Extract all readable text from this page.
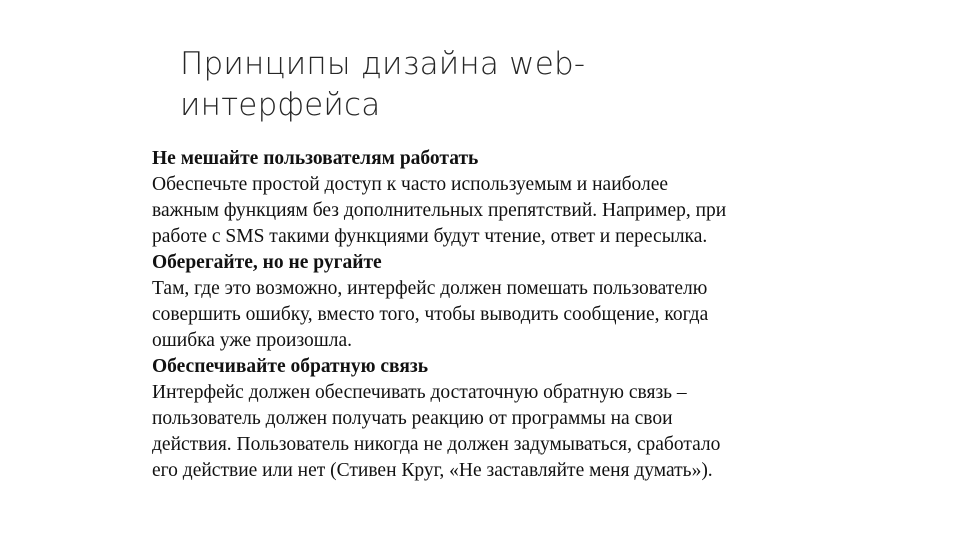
Принципы дизайна web-
интерфейса
Не мешайте пользователям работать
Обеспечьте простой доступ к часто используемым и наиболее
важным функциям без дополнительных препятствий. Например, при
работе с SMS такими функциями будут чтение, ответ и пересылка.
Оберегайте, но не ругайте
Там, где это возможно, интерфейс должен помешать пользователю
совершить ошибку, вместо того, чтобы выводить сообщение, когда
ошибка уже произошла.
Обеспечивайте обратную связь
Интерфейс должен обеспечивать достаточную обратную связь –
пользователь должен получать реакцию от программы на свои
действия. Пользователь никогда не должен задумываться, сработало
его действие или нет (Стивен Круг, «Не заставляйте меня думать»).
